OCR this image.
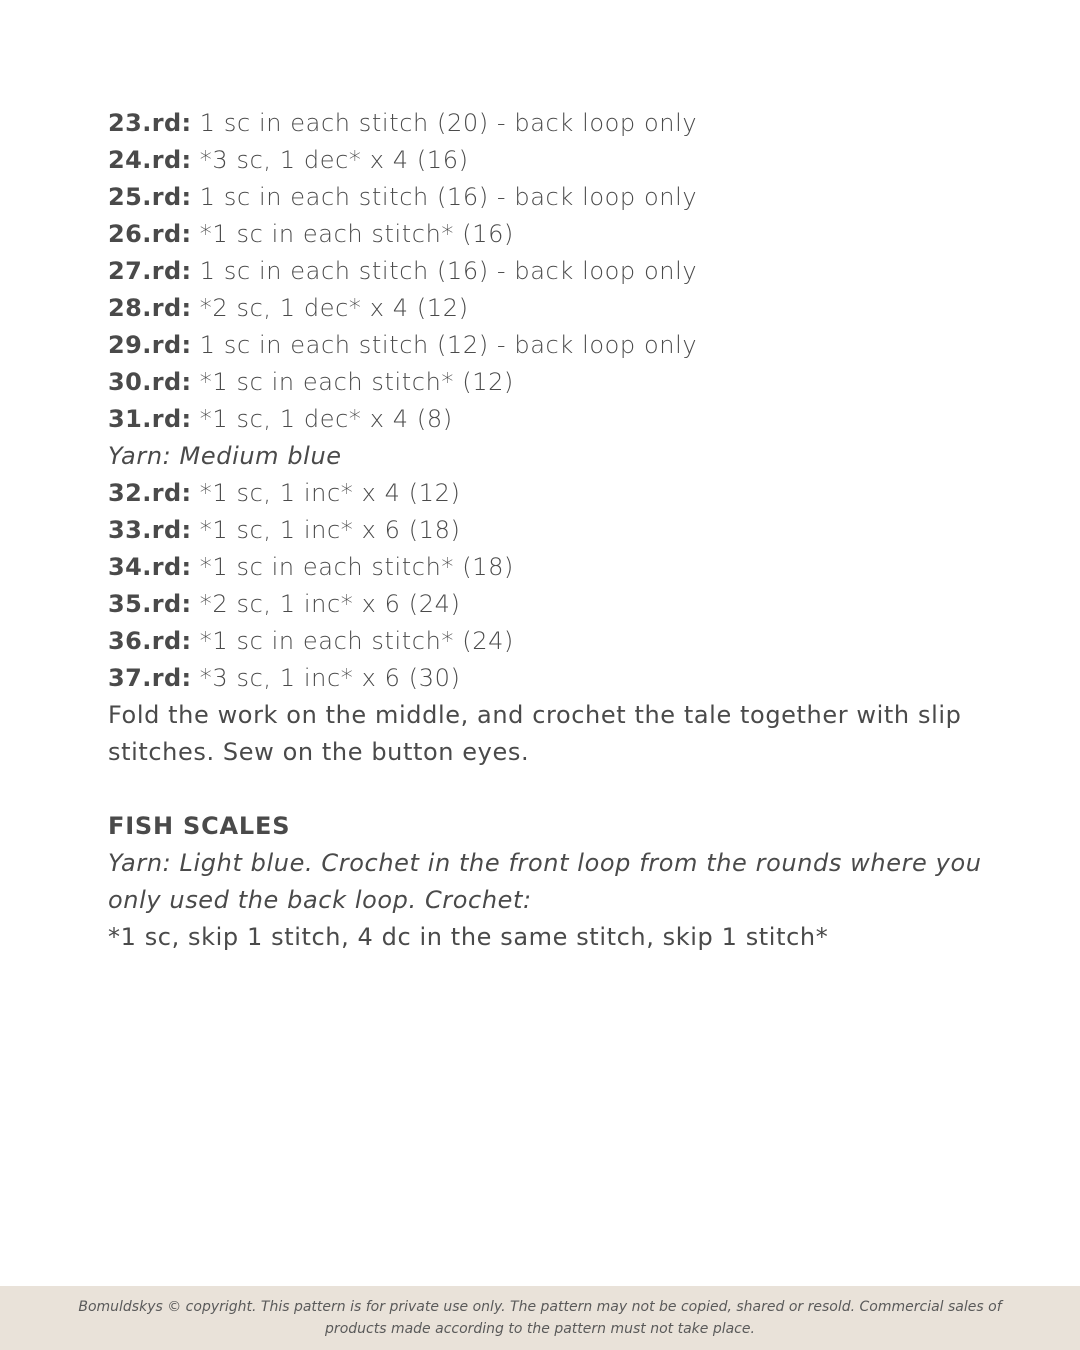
23.rd: 1 sc in each stitch (20) - back loop only
24.rd: *3 sc, 1 dec* x 4 (16)
25.rd: 1 sc in each stitch (16) - back loop only
26.rd: *1 sc in each stitch* (16)
27.rd: 1 sc in each stitch (16) - back loop only
28.rd: *2 sc, 1 dec* x 4 (12)
29.rd: 1 sc in each stitch (12) - back loop only
30.rd: *1 sc in each stitch* (12)
31.rd: *1 sc, 1 dec* x 4 (8)
Yarn: Medium blue
32.rd: *1 sc, 1 inc* x 4 (12)
33.rd: *1 sc, 1 inc* x 6 (18)
34.rd: *1 sc in each stitch* (18)
35.rd: *2 sc, 1 inc* x 6 (24)
36.rd: *1 sc in each stitch* (24)
37.rd: *3 sc, 1 inc* x 6 (30)
Fold the work on the middle, and crochet the tale together with slip stitches. Sew on the button eyes.
FISH SCALES
Yarn: Light blue. Crochet in the front loop from the rounds where you only used the back loop. Crochet:
*1 sc, skip 1 stitch, 4 dc in the same stitch, skip 1 stitch*
Bomuldskys © copyright. This pattern is for private use only. The pattern may not be copied, shared or resold. Commercial sales of products made according to the pattern must not take place.
